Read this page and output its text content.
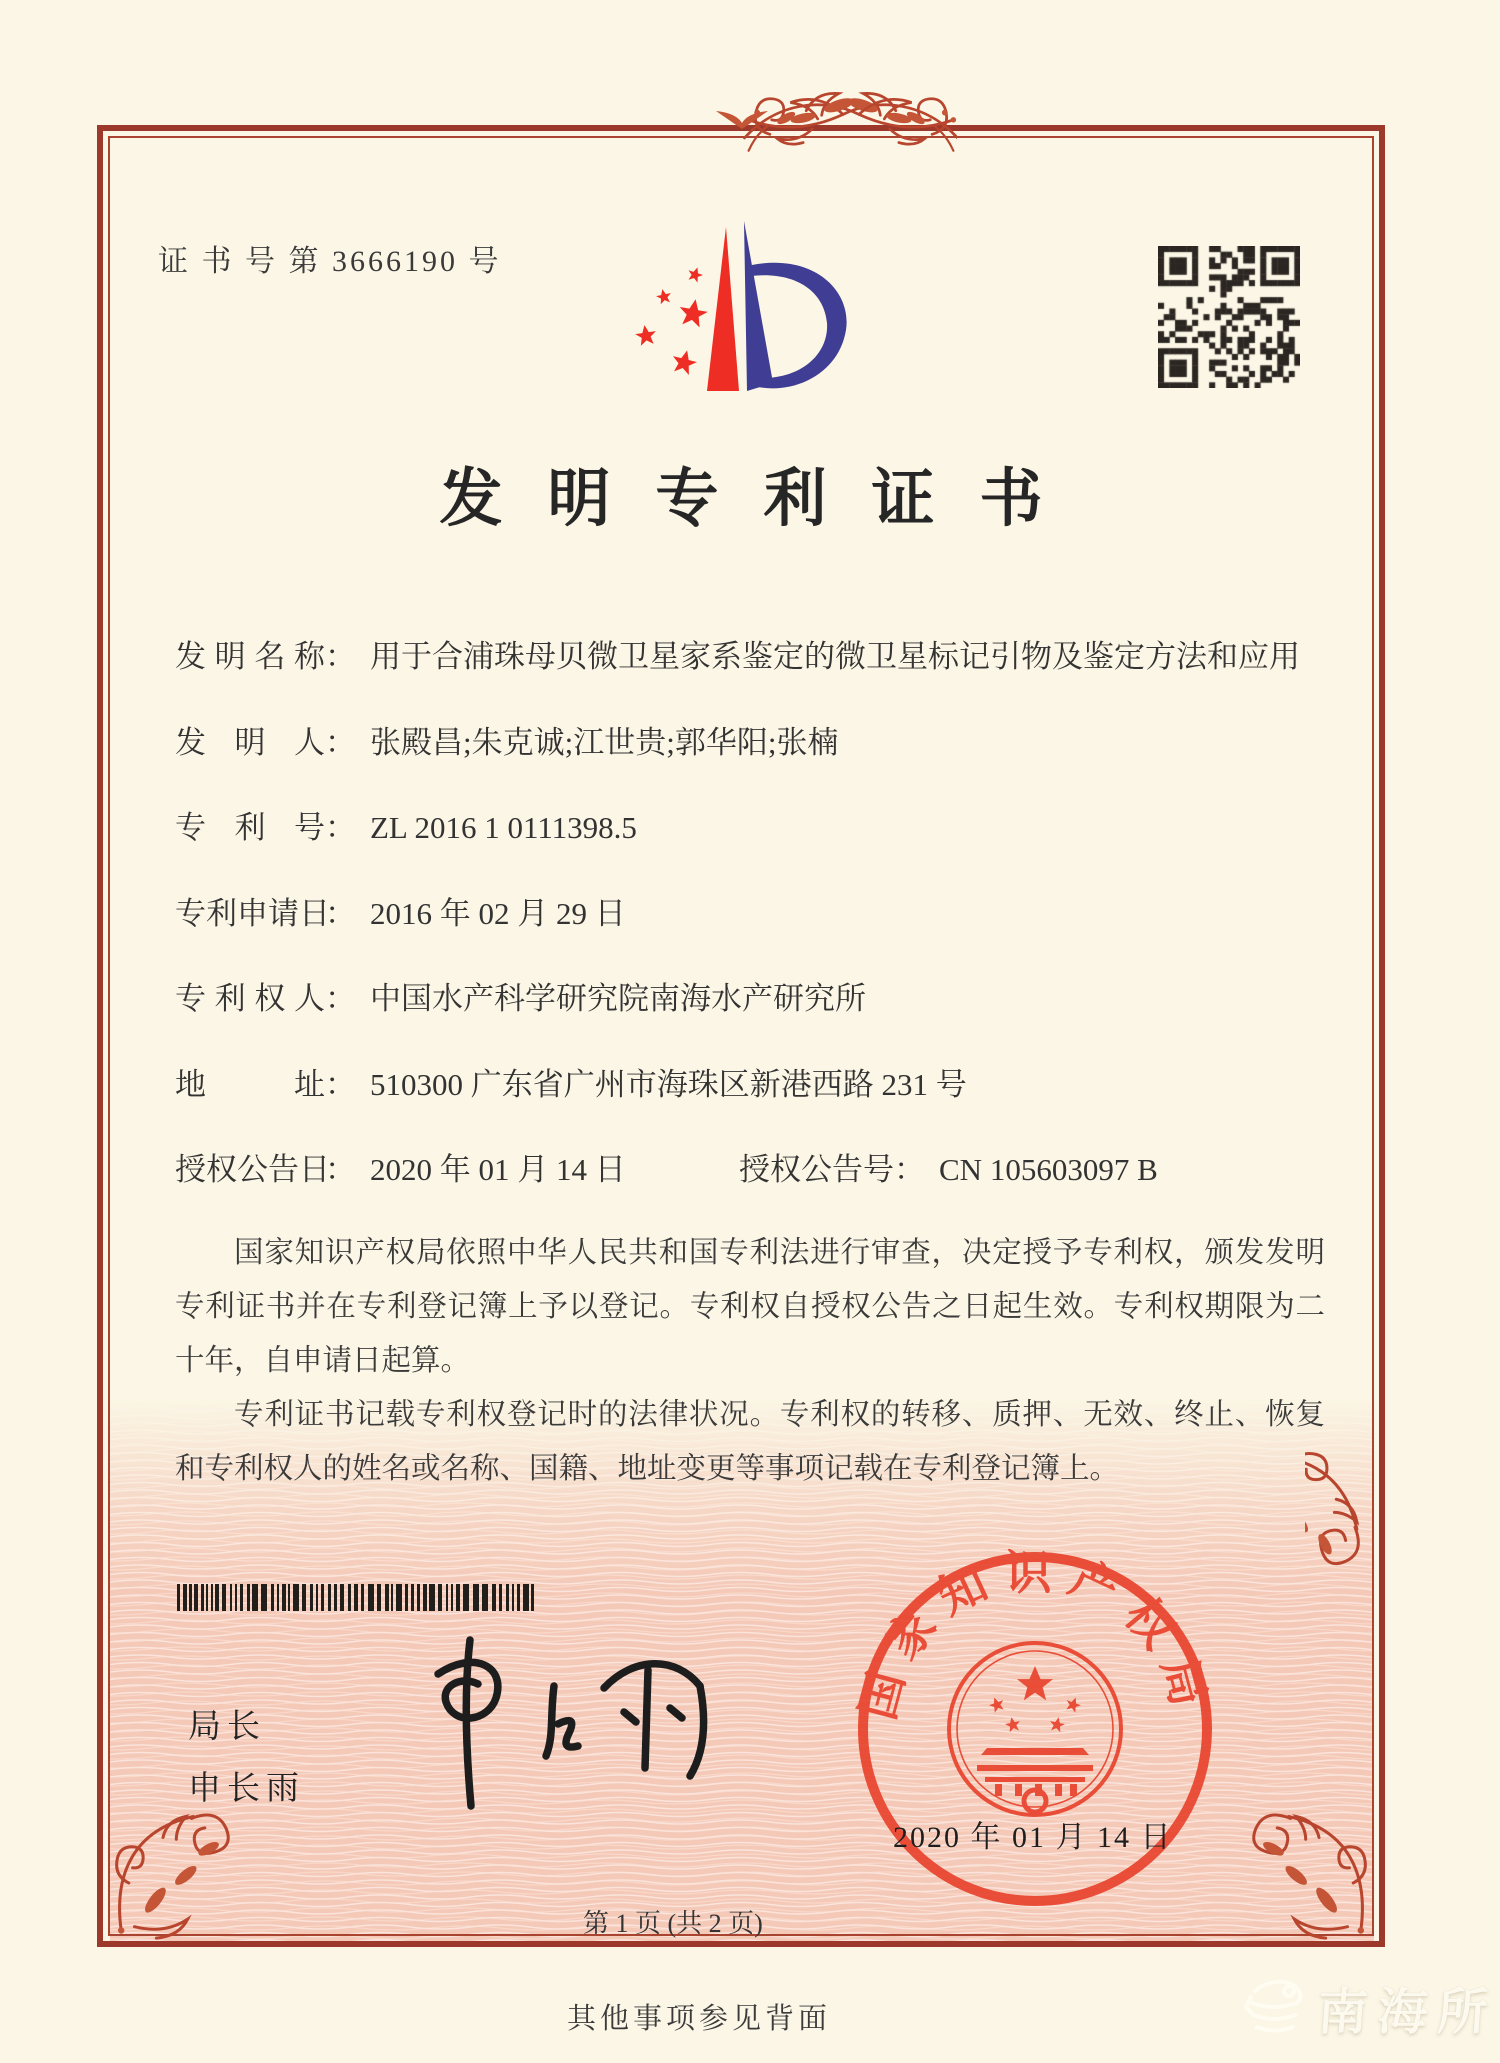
证 书 号 第 3666190 号
发明专利证书
发明名称： 用于合浦珠母贝微卫星家系鉴定的微卫星标记引物及鉴定方法和应用
发明人： 张殿昌;朱克诚;江世贵;郭华阳;张楠
专利号： ZL 2016 1 0111398.5
专利申请日： 2016 年 02 月 29 日
专利权人： 中国水产科学研究院南海水产研究所
地址： 510300 广东省广州市海珠区新港西路 231 号
授权公告日： 2020 年 01 月 14 日	授权公告号： CN 105603097 B

国家知识产权局依照中华人民共和国专利法进行审查，决定授予专利权，颁发发明专利证书并在专利登记簿上予以登记。专利权自授权公告之日起生效。专利权期限为二十年，自申请日起算。

专利证书记载专利权登记时的法律状况。专利权的转移、质押、无效、终止、恢复和专利权人的姓名或名称、国籍、地址变更等事项记载在专利登记簿上。

局长
申长雨
国家知识产权局
2020 年 01 月 14 日
第 1 页 (共 2 页)
其他事项参见背面	南海所
